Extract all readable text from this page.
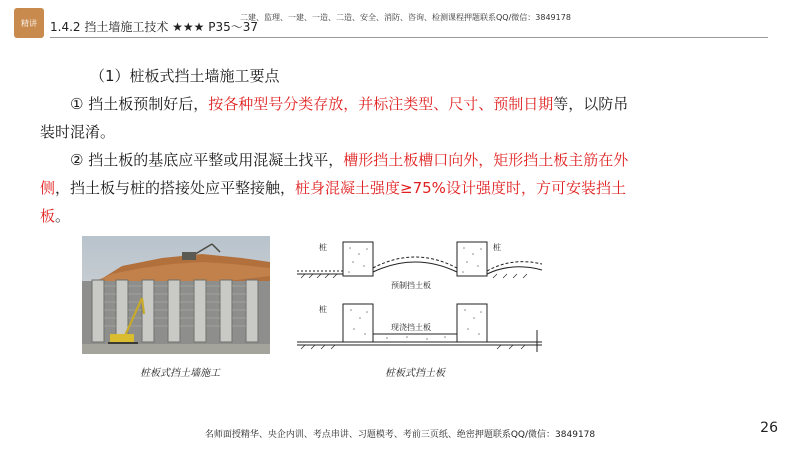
精讲	1.4.2 挡土墙施工技术 ★★★ P35～37
二建、监理、一建、一造、二造、安全、消防、咨询、检测课程押题联系QQ/微信：3849178
（1）桩板式挡土墙施工要点
① 挡土板预制好后，按各种型号分类存放，并标注类型、尺寸、预制日期等，以防吊装时混淆。
② 挡土板的基底应平整或用混凝土找平，槽形挡土板槽口向外，矩形挡土板主筋在外侧，挡土板与桩的搭接处应平整接触，桩身混凝土强度≥75%设计强度时，方可安装挡土板。
桩板式挡土墙施工
桩	桩
桩
预制挡土板
现浇挡土板
桩板式挡土板
26
名师面授精华、央企内训、考点串讲、习题模考、考前三页纸、绝密押题联系QQ/微信：3849178
